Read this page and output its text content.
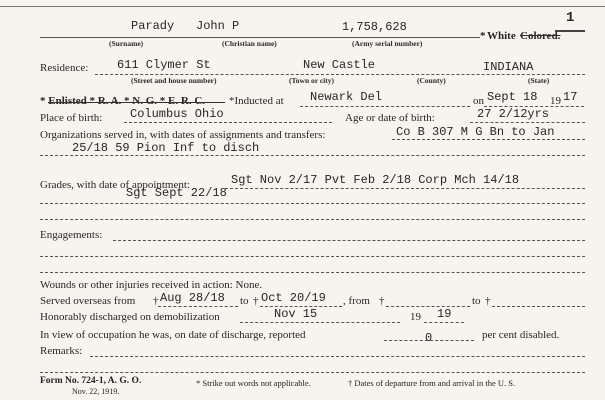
1
Parady John P	1,758,628
* White Colored.
(Surname)	(Christian name)	(Army serial number)
Residence: 611 Clymer St	New Castle	INDIANA
(Street and house number)	(Town or city)	(County)	(State)
* Enlisted * R. A. * N. G. * E. R. C. *Inducted at Newark Del	on Sept 18 19 17
Place of birth: Columbus Ohio	Age or date of birth:	27 2/12yrs
Organizations served in, with dates of assignments and transfers:	Co B 307 M G Bn to Jan
25/18 59 Pion Inf to disch
Grades, with date of appointment:	Sgt Nov 2/17 Pvt Feb 2/18 Corp Mch 14/18
Sgt Sept 22/18
Engagements:
Wounds or other injuries received in action: None.
Served overseas from † Aug 28/18 to † Oct 20/19 , from †	to †
Honorably discharged on demobilization	Nov 15	19 19
In view of occupation he was, on date of discharge, reported	0	per cent disabled.
Remarks:
Form No. 724-1, A. G. O.
Nov. 22, 1919.
* Strike out words not applicable.	† Dates of departure from and arrival in the U. S.
